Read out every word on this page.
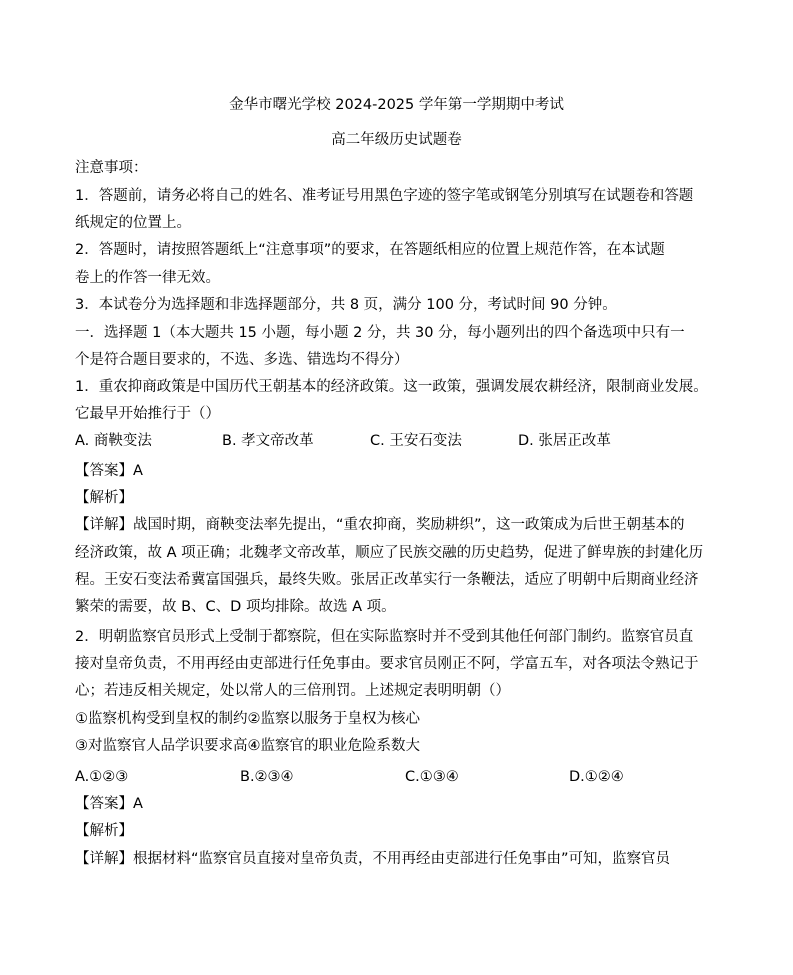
金华市曙光学校 2024-2025 学年第一学期期中考试
高二年级历史试题卷
注意事项：
1．答题前，请务必将自己的姓名、准考证号用黑色字迹的签字笔或钢笔分别填写在试题卷和答题
纸规定的位置上。
2．答题时，请按照答题纸上“注意事项”的要求，在答题纸相应的位置上规范作答，在本试题
卷上的作答一律无效。
3．本试卷分为选择题和非选择题部分，共 8 页，满分 100 分，考试时间 90 分钟。
一．选择题 1（本大题共 15 小题，每小题 2 分，共 30 分，每小题列出的四个备选项中只有一
个是符合题目要求的，不选、多选、错选均不得分）
1．重农抑商政策是中国历代王朝基本的经济政策。这一政策，强调发展农耕经济，限制商业发展。
它最早开始推行于（）
A. 商鞅变法	B. 孝文帝改革	C. 王安石变法	D. 张居正改革
【答案】A
【解析】
【详解】战国时期，商鞅变法率先提出，“重农抑商，奖励耕织”，这一政策成为后世王朝基本的
经济政策，故 A 项正确；北魏孝文帝改革，顺应了民族交融的历史趋势，促进了鲜卑族的封建化历
程。王安石变法希冀富国强兵，最终失败。张居正改革实行一条鞭法，适应了明朝中后期商业经济
繁荣的需要，故 B、C、D 项均排除。故选 A 项。
2．明朝监察官员形式上受制于都察院，但在实际监察时并不受到其他任何部门制约。监察官员直
接对皇帝负责，不用再经由吏部进行任免事由。要求官员刚正不阿，学富五车，对各项法令熟记于
心；若违反相关规定，处以常人的三倍刑罚。上述规定表明明朝（）
①监察机构受到皇权的制约②监察以服务于皇权为核心
③对监察官人品学识要求高④监察官的职业危险系数大
A.①②③	B.②③④	C.①③④	D.①②④
【答案】A
【解析】
【详解】根据材料“监察官员直接对皇帝负责，不用再经由吏部进行任免事由”可知，监察官员
